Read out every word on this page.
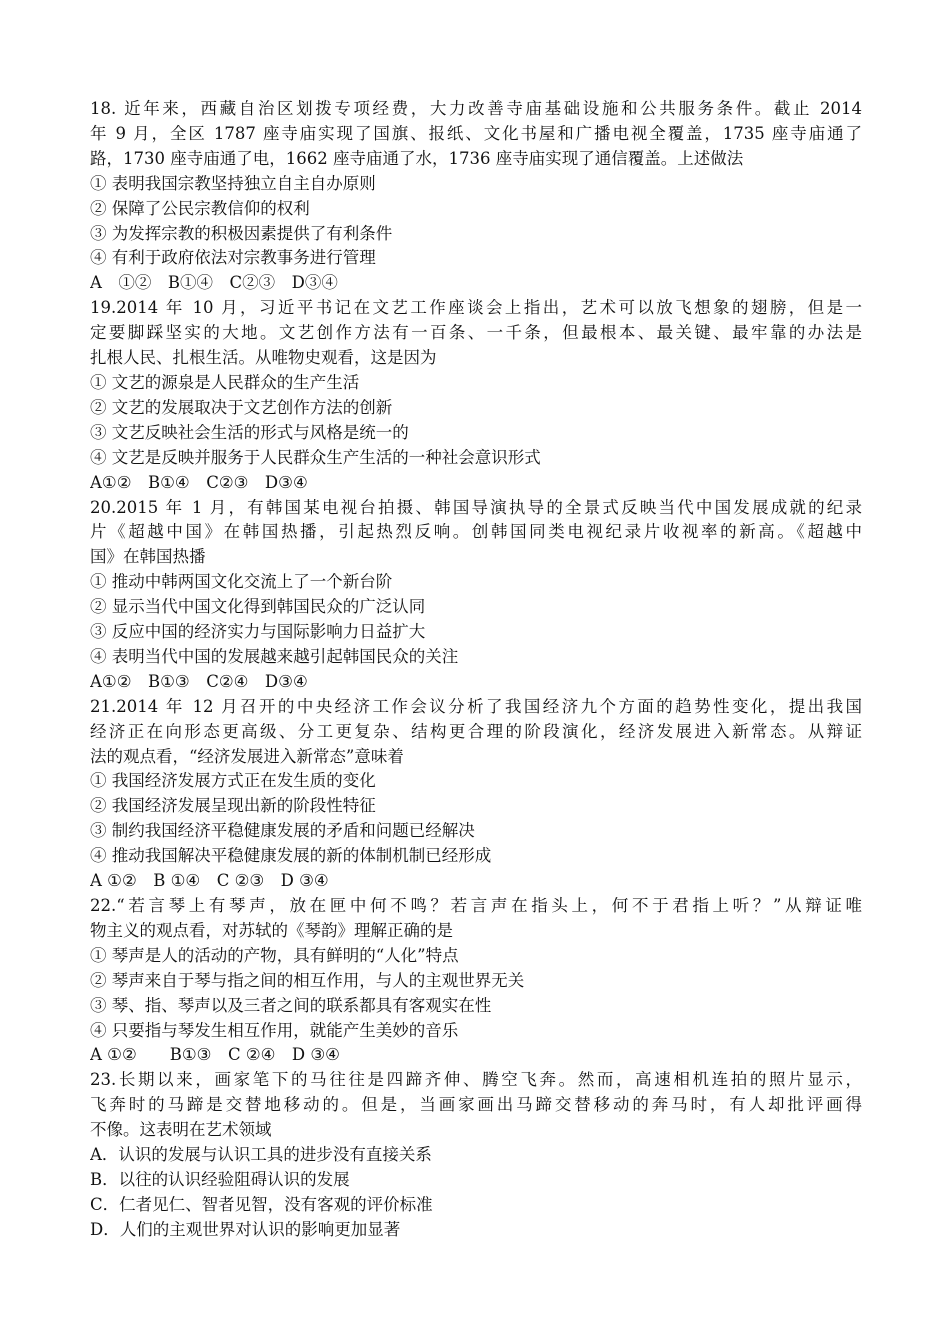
18. 近年来，西藏自治区划拨专项经费，大力改善寺庙基础设施和公共服务条件。截止 2014
年 9 月，全区 1787 座寺庙实现了国旗、报纸、文化书屋和广播电视全覆盖，1735 座寺庙通了
路，1730 座寺庙通了电，1662 座寺庙通了水，1736 座寺庙实现了通信覆盖。上述做法
① 表明我国宗教坚持独立自主自办原则
② 保障了公民宗教信仰的权利
③ 为发挥宗教的积极因素提供了有利条件
④ 有利于政府依法对宗教事务进行管理
A　①②　B①④　C②③　D③④
19.2014 年 10 月，习近平书记在文艺工作座谈会上指出，艺术可以放飞想象的翅膀，但是一
定要脚踩坚实的大地。文艺创作方法有一百条、一千条，但最根本、最关键、最牢靠的办法是
扎根人民、扎根生活。从唯物史观看，这是因为
① 文艺的源泉是人民群众的生产生活
② 文艺的发展取决于文艺创作方法的创新
③ 文艺反映社会生活的形式与风格是统一的
④ 文艺是反映并服务于人民群众生产生活的一种社会意识形式
A①②　B①④　C②③　D③④
20.2015 年 1 月，有韩国某电视台拍摄、韩国导演执导的全景式反映当代中国发展成就的纪录
片《超越中国》在韩国热播，引起热烈反响。创韩国同类电视纪录片收视率的新高。《超越中
国》在韩国热播
① 推动中韩两国文化交流上了一个新台阶
② 显示当代中国文化得到韩国民众的广泛认同
③ 反应中国的经济实力与国际影响力日益扩大
④ 表明当代中国的发展越来越引起韩国民众的关注
A①②　B①③　C②④　D③④
21.2014 年 12 月召开的中央经济工作会议分析了我国经济九个方面的趋势性变化，提出我国
经济正在向形态更高级、分工更复杂、结构更合理的阶段演化，经济发展进入新常态。从辩证
法的观点看，“经济发展进入新常态”意味着
① 我国经济发展方式正在发生质的变化
② 我国经济发展呈现出新的阶段性特征
③ 制约我国经济平稳健康发展的矛盾和问题已经解决
④ 推动我国解决平稳健康发展的新的体制机制已经形成
A ①②　B ①④　C ②③　D ③④
22.“若言琴上有琴声，放在匣中何不鸣？若言声在指头上，何不于君指上听？”从辩证唯
物主义的观点看，对苏轼的《琴韵》理解正确的是
① 琴声是人的活动的产物，具有鲜明的“人化”特点
② 琴声来自于琴与指之间的相互作用，与人的主观世界无关
③ 琴、指、琴声以及三者之间的联系都具有客观实在性
④ 只要指与琴发生相互作用，就能产生美妙的音乐
A ①②　　B①③　C ②④　D ③④
23.长期以来，画家笔下的马往往是四蹄齐伸、腾空飞奔。然而，高速相机连拍的照片显示，
飞奔时的马蹄是交替地移动的。但是，当画家画出马蹄交替移动的奔马时，有人却批评画得
不像。这表明在艺术领域
A．认识的发展与认识工具的进步没有直接关系
B．以往的认识经验阻碍认识的发展
C．仁者见仁、智者见智，没有客观的评价标准
D．人们的主观世界对认识的影响更加显著
